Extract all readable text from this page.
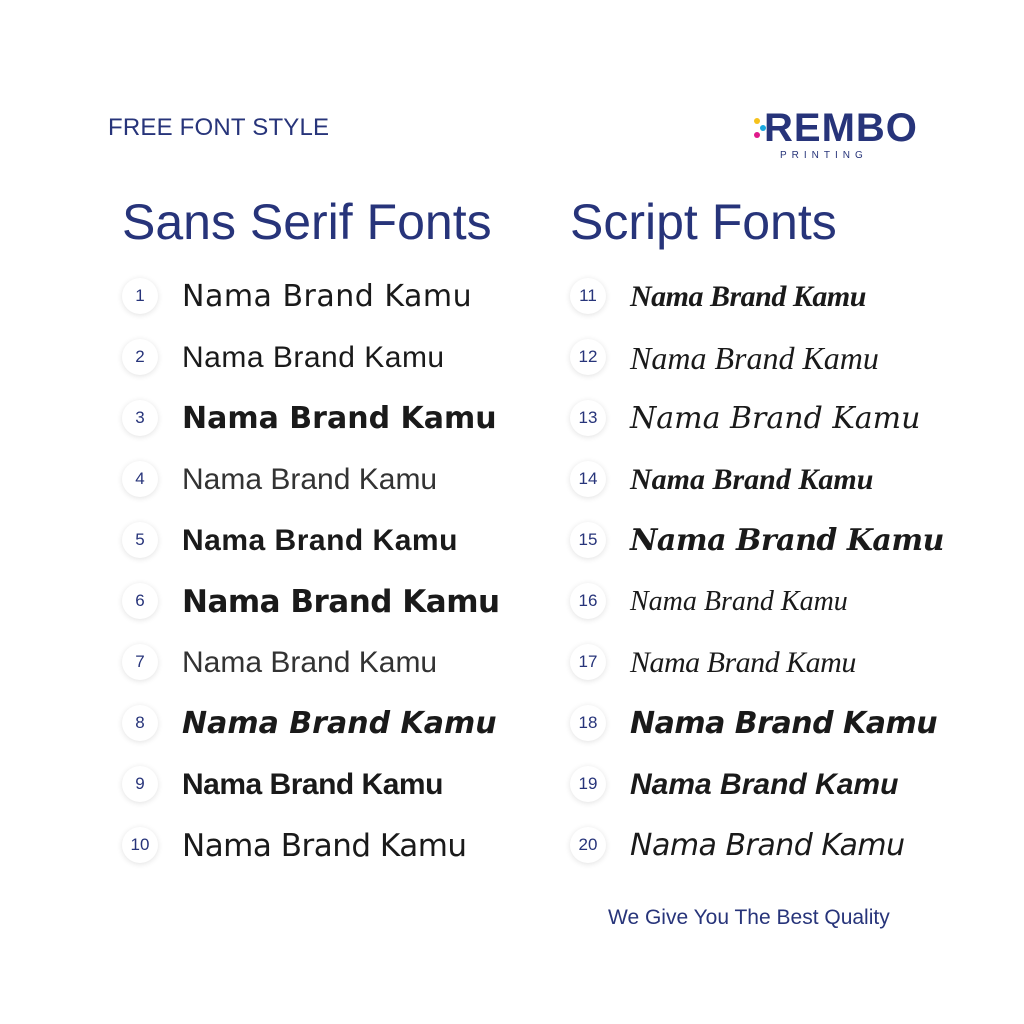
FREE FONT STYLE	REMBO
PRINTING
Sans Serif Fonts Script Fonts
1	Nama Brand Kamu
2	Nama Brand Kamu
3	Nama Brand Kamu
4	Nama Brand Kamu
5	Nama Brand Kamu
6	Nama Brand Kamu
7	Nama Brand Kamu
8	Nama Brand Kamu
9	Nama Brand Kamu
10 Nama Brand Kamu
11	Nama Brand Kamu
12 Nama Brand Kamu
13 Nama Brand Kamu
14 Nama Brand Kamu
15 Nama Brand Kamu
16	Nama Brand Kamu
17 Nama Brand Kamu
18 Nama Brand Kamu
19 Nama Brand Kamu
20 Nama Brand Kamu
We Give You The Best Quality
